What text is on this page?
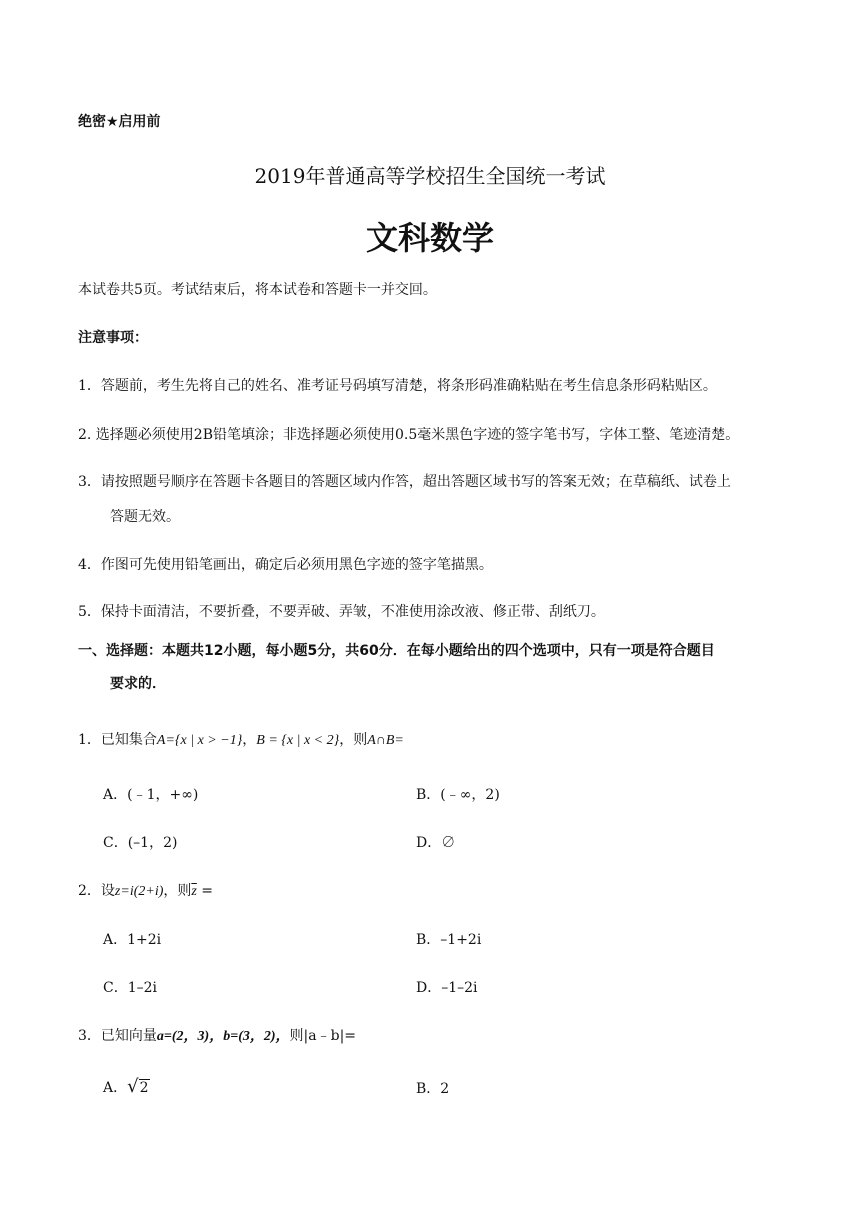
绝密★启用前
2019年普通高等学校招生全国统一考试
文科数学
本试卷共5页。考试结束后，将本试卷和答题卡一并交回。
注意事项：
1．答题前，考生先将自己的姓名、准考证号码填写清楚，将条形码准确粘贴在考生信息条形码粘贴区。
2. 选择题必须使用2B铅笔填涂；非选择题必须使用0.5毫米黑色字迹的签字笔书写，字体工整、笔迹清楚。
3．请按照题号顺序在答题卡各题目的答题区域内作答，超出答题区域书写的答案无效；在草稿纸、试卷上
答题无效。
4．作图可先使用铅笔画出，确定后必须用黑色字迹的签字笔描黑。
5．保持卡面清洁，不要折叠，不要弄破、弄皱，不准使用涂改液、修正带、刮纸刀。
一、选择题：本题共12小题，每小题5分，共60分．在每小题给出的四个选项中，只有一项是符合题目
要求的．
1．已知集合A={x | x > −1}，B = {x | x < 2}，则A∩B=
A．(﹣1，+∞)	B．(﹣∞，2)
C．(–1，2)	D．∅
2．设z=i(2+i)，则$\overline{z}$ =
A．1+2i	B．–1+2i
C．1–2i	D．–1–2i
3．已知向量a=(2，3)，b=(3，2)，则|a﹣b|=
A．√2	B．2
